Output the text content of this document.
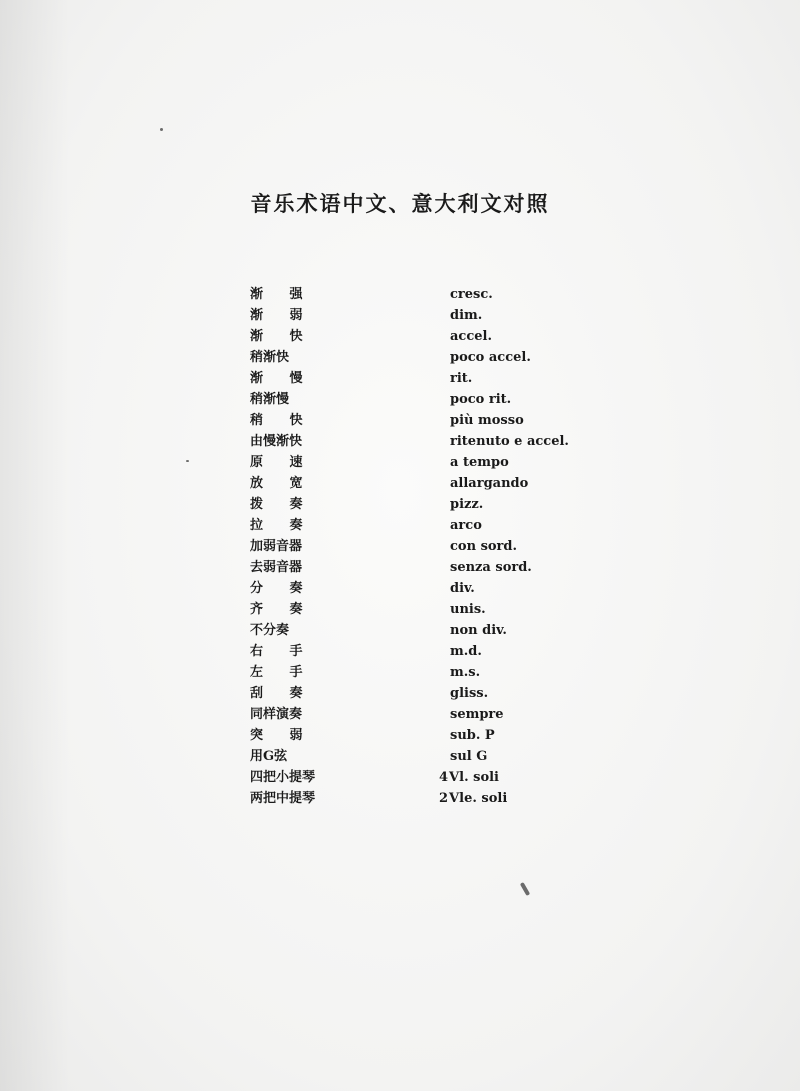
音乐术语中文、意大利文对照
渐 强	cresc.
渐 弱	dim.
渐 快	accel.
稍渐快	poco accel.
渐 慢	rit.
稍渐慢	poco rit.
稍 快	più mosso
由慢渐快	ritenuto e accel.
原 速	a tempo
放 宽	allargando
拨 奏	pizz.
拉 奏	arco
加弱音器	con sord.
去弱音器	senza sord.
分 奏	div.
齐 奏	unis.
不分奏	non div.
右 手	m.d.
左 手	m.s.
刮 奏	gliss.
同样演奏	sempre
突 弱	sub. P
用G弦	sul G
四把小提琴	4Vl. soli
两把中提琴	2Vle. soli
